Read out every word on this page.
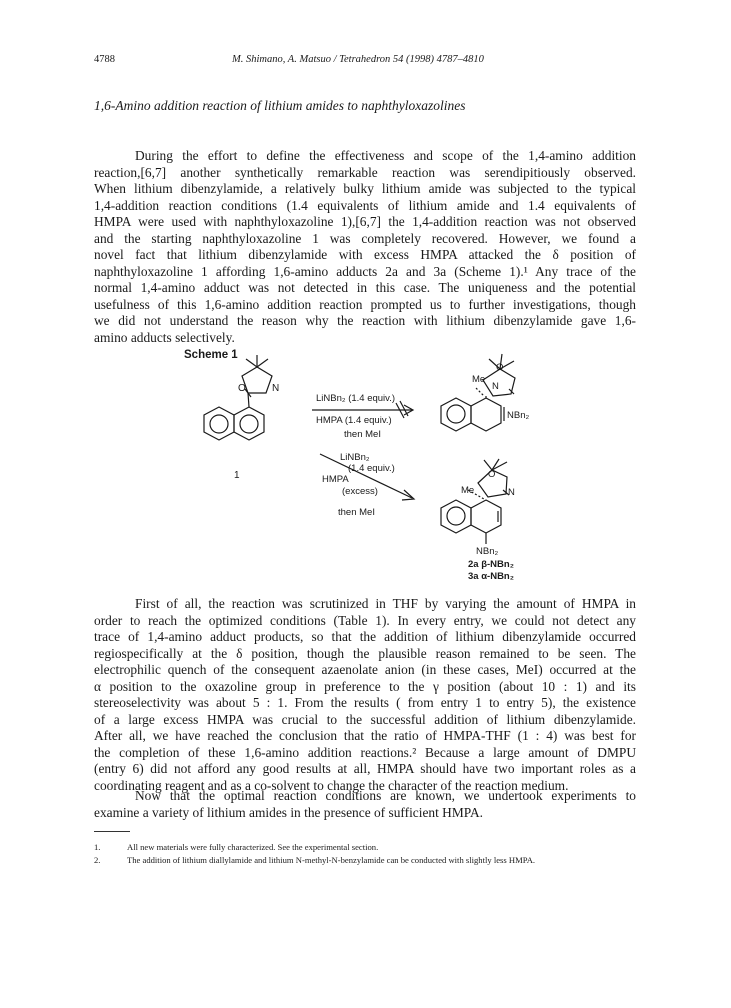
4788	M. Shimano, A. Matsuo / Tetrahedron 54 (1998) 4787–4810
1,6-Amino addition reaction of lithium amides to naphthyloxazolines
During the effort to define the effectiveness and scope of the 1,4-amino addition
reaction,[6,7] another synthetically remarkable reaction was serendipitiously observed.
When lithium dibenzylamide, a relatively bulky lithium amide was subjected to the typical
1,4-addition reaction conditions (1.4 equivalents of lithium amide and 1.4 equivalents of
HMPA were used with naphthyloxazoline 1),[6,7] the 1,4-addition reaction was not observed
and the starting naphthyloxazoline 1 was completely recovered. However, we found a
novel fact that lithium dibenzylamide with excess HMPA attacked the δ position of
naphthyloxazoline 1 affording 1,6-amino adducts 2a and 3a (Scheme 1).¹ Any trace of the
normal 1,4-amino adduct was not detected in this case. The uniqueness and the potential
usefulness of this 1,6-amino addition reaction prompted us to further investigations, though
we did not understand the reason why the reaction with lithium dibenzylamide gave 1,6-
amino adducts selectively.
Scheme 1
O	N
1
LiNBn₂ (1.4 equiv.)
HMPA (1.4 equiv.)
then MeI
Me
N
O
NBn₂
LiNBn₂
(1.4 equiv.)
HMPA
(excess)
then MeI
Me
O
N
NBn₂
2a β-NBn₂
3a α-NBn₂
First of all, the reaction was scrutinized in THF by varying the amount of HMPA in
order to reach the optimized conditions (Table 1). In every entry, we could not detect any
trace of 1,4-amino adduct products, so that the addition of lithium dibenzylamide occurred
regiospecifically at the δ position, though the plausible reason remained to be seen. The
electrophilic quench of the consequent azaenolate anion (in these cases, MeI) occurred at the
α position to the oxazoline group in preference to the γ position (about 10 : 1) and its
stereoselectivity was about 5 : 1. From the results ( from entry 1 to entry 5), the existence
of a large excess HMPA was crucial to the successful addition of lithium dibenzylamide.
After all, we have reached the conclusion that the ratio of HMPA-THF (1 : 4) was best for
the completion of these 1,6-amino addition reactions.² Because a large amount of DMPU
(entry 6) did not afford any good results at all, HMPA should have two important roles as a
coordinating reagent and as a co-solvent to change the character of the reaction medium.
Now that the optimal reaction conditions are known, we undertook experiments to
examine a variety of lithium amides in the presence of sufficient HMPA.
1.	All new materials were fully characterized. See the experimental section.
2.	The addition of lithium diallylamide and lithium N-methyl-N-benzylamide can be conducted with slightly less HMPA.
